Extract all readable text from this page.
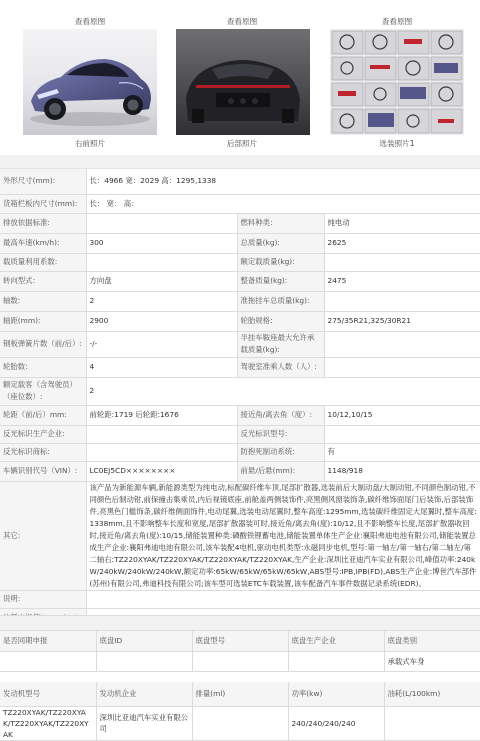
查看原图
右前照片
查看原图
后部照片
查看原图
选装照片1
外形尺寸(mm):	长：4966 宽：2029 高：1295,1338		
货箱栏板内尺寸(mm):	长： 宽： 高：		
排放依据标准:		燃料种类:	纯电动
最高车速(km/h):	300	总质量(kg):	2625
载质量利用系数:		额定载质量(kg):	
转向型式:	方向盘	整备质量(kg):	2475
轴数:	2	准拖挂车总质量(kg):	
轴距(mm):	2900	轮胎规格:	275/35R21,325/30R21
钢板弹簧片数（前/后）:	-/-	半挂车鞍座最大允许承载质量(kg):	
轮胎数:	4	驾驶室准乘人数（人）:	
额定载客（含驾驶员）（座位数）:	2		
轮距（前/后）mm:	前轮距:1719 后轮距:1676	接近角/离去角（度）:	10/12,10/15
反光标识生产企业:		反光标识型号:	
反光标识商标:		防抱死制动系统:	有
车辆识别代号（VIN）:	LC0EJ5CD××××××××	前悬/后悬(mm):	1148/918
其它:	该产品为新能源车辆,新能源类型为纯电动,标配碳纤维车顶,尾部扩散器,选装前后大制动盘/大制动钳,不同颜色制动钳,不同颜色后制动钳,前保撞击集乘员,内后视镜底座,前舱盖两侧装饰件,亮黑侧风窗装饰条,碳纤维饰面尾门后装饰,后部装饰件,亮黑色门槛饰条,碳纤维侧面饰件,电动尾翼,选装电动尾翼时,整车高度:1295mm,选装碳纤维固定大尾翼时,整车高度:1338mm,且不影响整车长度和宽度,尾部扩散器装可时,接近角/离去角(度):10/12,且不影响整车长度,尾部扩散器收回时,接近角/离去角(度):10/15,储能装置种类:磷酸铁锂蓄电池,储能装置单体生产企业:襄阳弗迪电池有限公司,储能装置总成生产企业:襄阳弗迪电池有限公司,该车装配4电机,驱动电机类型:永磁同步电机,型号:第一轴左/第一轴右/第二轴左/第二轴右:TZ220XYAK/TZ220XYAK/TZ220XYAK/TZ220XYAK,生产企业:深圳比亚迪汽车实业有限公司,峰值功率:240kW/240kW/240kW/240kW,额定功率:65kW/65kW/65kW/65kW,ABS型号:IPB,IPB(FD),ABS生产企业:博世汽车部件(苏州)有限公司,弗迪科技有限公司;该车型可选装ETC车载装置,该车配备汽车事件数据记录系统(EDR)。		
说明:			

是否同期申报	底盘ID	底盘型号	底盘生产企业	底盘类别
				承载式车身
发动机型号	发动机企业	排量(ml)	功率(kw)	油耗(L/100km)
TZ220XYAK/TZ220XYAK/TZ220XYAK/TZ220XYAK	深圳比亚迪汽车实业有限公司		240/240/240/240	
